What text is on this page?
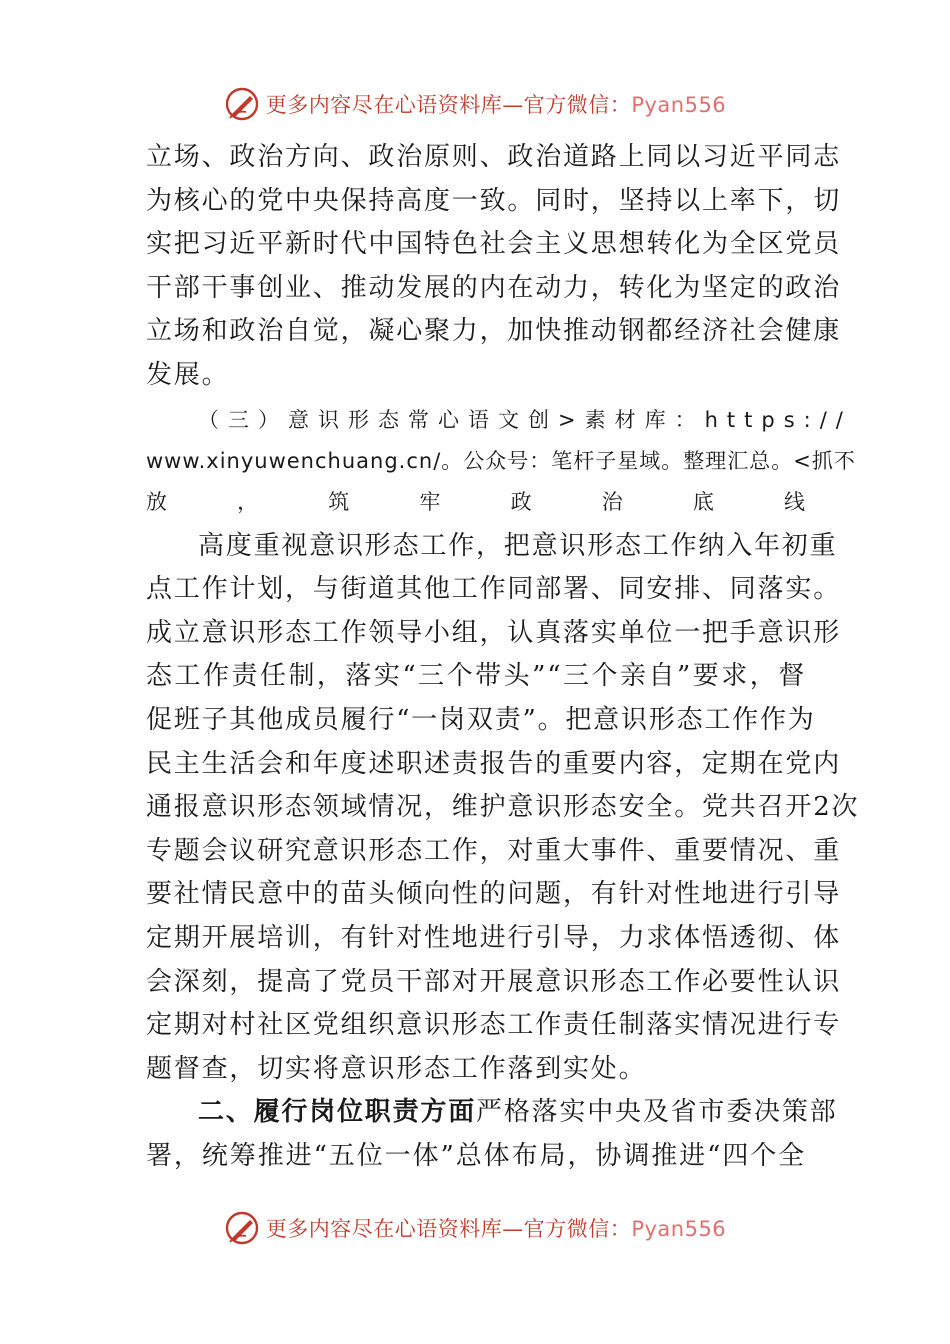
更多内容尽在心语资料库—官方微信：Pyan556

立场、政治方向、政治原则、政治道路上同以习近平同志

为核心的党中央保持高度一致。同时，坚持以上率下，切

实把习近平新时代中国特色社会主义思想转化为全区党员

干部干事创业、推动发展的内在动力，转化为坚定的政治

立场和政治自觉，凝心聚力，加快推动钢都经济社会健康

发展。

（三）意识形态常心语文创>素材库：https://

www.xinyuwenchuang.cn/。公众号：笔杆子星域。整理汇总。<抓不

放，筑牢政治底线

高度重视意识形态工作，把意识形态工作纳入年初重

点工作计划，与街道其他工作同部署、同安排、同落实。

成立意识形态工作领导小组，认真落实单位一把手意识形

态工作责任制，落实“三个带头”“三个亲自”要求，督

促班子其他成员履行“一岗双责”。把意识形态工作作为

民主生活会和年度述职述责报告的重要内容，定期在党内

通报意识形态领域情况，维护意识形态安全。党共召开2次

专题会议研究意识形态工作，对重大事件、重要情况、重

要社情民意中的苗头倾向性的问题，有针对性地进行引导

定期开展培训，有针对性地进行引导，力求体悟透彻、体

会深刻，提高了党员干部对开展意识形态工作必要性认识

定期对村社区党组织意识形态工作责任制落实情况进行专

题督查，切实将意识形态工作落到实处。

二、履行岗位职责方面严格落实中央及省市委决策部

署，统筹推进“五位一体”总体布局，协调推进“四个全

更多内容尽在心语资料库—官方微信：Pyan556
